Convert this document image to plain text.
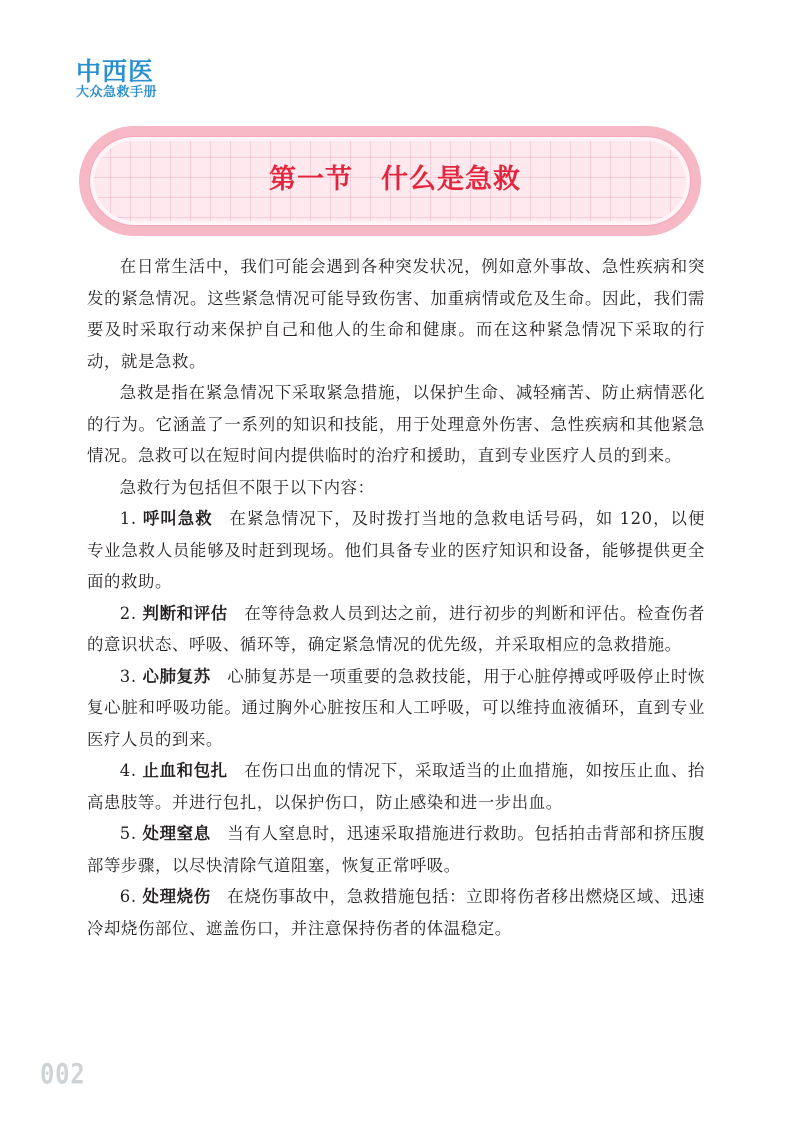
中西医
大众急救手册
第一节　什么是急救

在日常生活中，我们可能会遇到各种突发状况，例如意外事故、急性疾病和突发的紧急情况。这些紧急情况可能导致伤害、加重病情或危及生命。因此，我们需要及时采取行动来保护自己和他人的生命和健康。而在这种紧急情况下采取的行动，就是急救。

急救是指在紧急情况下采取紧急措施，以保护生命、减轻痛苦、防止病情恶化的行为。它涵盖了一系列的知识和技能，用于处理意外伤害、急性疾病和其他紧急情况。急救可以在短时间内提供临时的治疗和援助，直到专业医疗人员的到来。

急救行为包括但不限于以下内容：

1. 呼叫急救 在紧急情况下，及时拨打当地的急救电话号码，如 120，以便专业急救人员能够及时赶到现场。他们具备专业的医疗知识和设备，能够提供更全面的救助。

2. 判断和评估 在等待急救人员到达之前，进行初步的判断和评估。检查伤者的意识状态、呼吸、循环等，确定紧急情况的优先级，并采取相应的急救措施。

3. 心肺复苏 心肺复苏是一项重要的急救技能，用于心脏停搏或呼吸停止时恢复心脏和呼吸功能。通过胸外心脏按压和人工呼吸，可以维持血液循环，直到专业医疗人员的到来。

4. 止血和包扎 在伤口出血的情况下，采取适当的止血措施，如按压止血、抬高患肢等。并进行包扎，以保护伤口，防止感染和进一步出血。

5. 处理窒息 当有人窒息时，迅速采取措施进行救助。包括拍击背部和挤压腹部等步骤，以尽快清除气道阻塞，恢复正常呼吸。

6. 处理烧伤 在烧伤事故中，急救措施包括：立即将伤者移出燃烧区域、迅速冷却烧伤部位、遮盖伤口，并注意保持伤者的体温稳定。

002
